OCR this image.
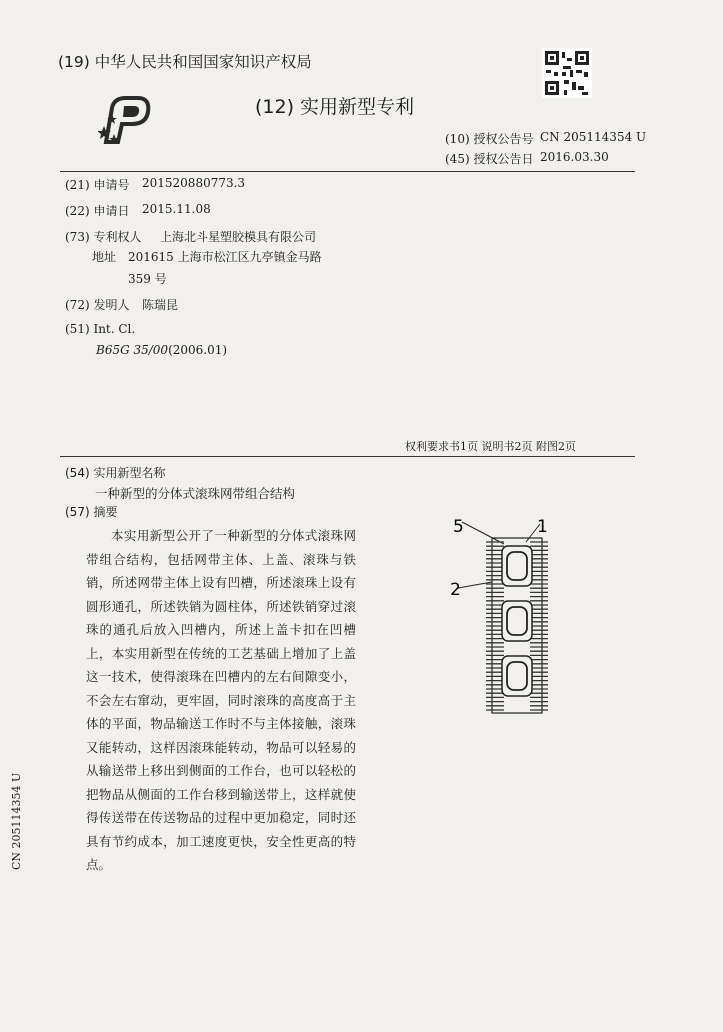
(19) 中华人民共和国国家知识产权局
(12) 实用新型专利
(10) 授权公告号 CN 205114354 U
(45) 授权公告日 2016.03.30
(21) 申请号 201520880773.3
(22) 申请日 2015.11.08
(73) 专利权人 上海北斗星塑胶模具有限公司
地址 201615 上海市松江区九亭镇金马路
359 号
(72) 发明人 陈瑞昆
(51) Int. Cl.
B65G 35/00(2006.01)
权利要求书1页 说明书2页 附图2页
(54) 实用新型名称
一种新型的分体式滚珠网带组合结构
(57) 摘要

本实用新型公开了一种新型的分体式滚珠网带组合结构，包括网带主体、上盖、滚珠与铁销，所述网带主体上设有凹槽，所述滚珠上设有圆形通孔，所述铁销为圆柱体，所述铁销穿过滚珠的通孔后放入凹槽内，所述上盖卡扣在凹槽上，本实用新型在传统的工艺基础上增加了上盖这一技术，使得滚珠在凹槽内的左右间隙变小，不会左右窜动，更牢固，同时滚珠的高度高于主体的平面，物品输送工作时不与主体接触，滚珠又能转动，这样因滚珠能转动，物品可以轻易的从输送带上移出到侧面的工作台，也可以轻松的把物品从侧面的工作台移到输送带上，这样就使得传送带在传送物品的过程中更加稳定，同时还具有节约成本，加工速度更快，安全性更高的特点。

5	1
2
CN 205114354 U
